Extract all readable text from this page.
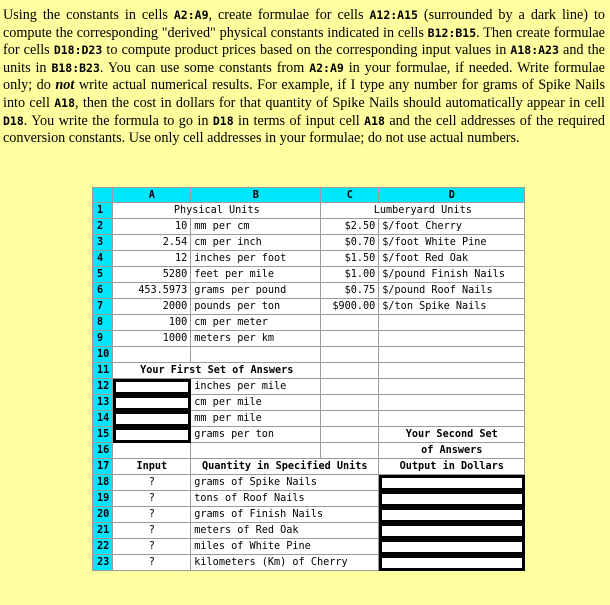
Using the constants in cells A2:A9, create formulae for cells A12:A15 (surrounded by a dark line) to compute the corresponding "derived" physical constants indicated in cells B12:B15. Then create formulae for cells D18:D23 to compute product prices based on the corresponding input values in A18:A23 and the units in B18:B23. You can use some constants from A2:A9 in your formulae, if needed. Write formulae only; do not write actual numerical results. For example, if I type any number for grams of Spike Nails into cell A18, then the cost in dollars for that quantity of Spike Nails should automatically appear in cell D18. You write the formula to go in D18 in terms of input cell A18 and the cell addresses of the required conversion constants. Use only cell addresses in your formulae; do not use actual numbers.
	A	B	C	D
1	Physical Units		Lumberyard Units	
2	10	mm per cm	$2.50	$/foot Cherry
3	2.54	cm per inch	$0.70	$/foot White Pine
4	12	inches per foot	$1.50	$/foot Red Oak
5	5280	feet per mile	$1.00	$/pound Finish Nails
6	453.5973	grams per pound	$0.75	$/pound Roof Nails
7	2000	pounds per ton	$900.00	$/ton Spike Nails
8	100	cm per meter		
9	1000	meters per km		
10				
11	Your First Set of Answers			
12		inches per mile		
13		cm per mile		
14		mm per mile		
15		grams per ton		Your Second Set
16				of Answers
17	Input	Quantity in Specified Units		Output in Dollars
18	?	grams of Spike Nails		
19	?	tons of Roof Nails		
20	?	grams of Finish Nails		
21	?	meters of Red Oak		
22	?	miles of White Pine		
23	?	kilometers (Km) of Cherry		
